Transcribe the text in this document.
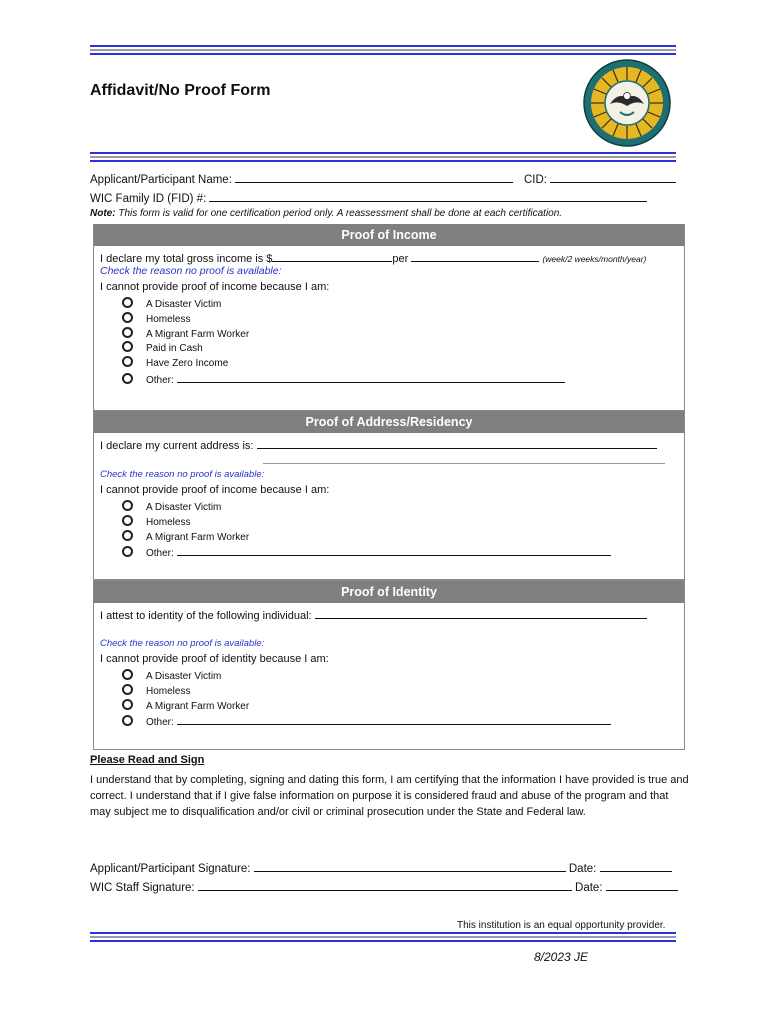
Affidavit/No Proof Form
Applicant/Participant Name:	CID:
WIC Family ID (FID) #:
Note: This form is valid for one certification period only. A reassessment shall be done at each certification.
Proof of Income
I declare my total gross income is $	per	(week/2 weeks/month/year)
Check the reason no proof is available:
I cannot provide proof of income because I am:
A Disaster Victim
Homeless
A Migrant Farm Worker
Paid in Cash
Have Zero Income
Other:
Proof of Address/Residency
I declare my current address is:
Check the reason no proof is available:
I cannot provide proof of income because I am:
A Disaster Victim
Homeless
A Migrant Farm Worker
Other:
Proof of Identity
I attest to identity of the following individual:
Check the reason no proof is available:
I cannot provide proof of identity because I am:
A Disaster Victim
Homeless
A Migrant Farm Worker
Other:
Please Read and Sign
I understand that by completing, signing and dating this form, I am certifying that the information I have provided is true and correct. I understand that if I give false information on purpose it is considered fraud and abuse of the program and that may subject me to disqualification and/or civil or criminal prosecution under the State and Federal law.
Applicant/Participant Signature:	Date:
WIC Staff Signature:	Date:
This institution is an equal opportunity provider.
8/2023 JE
